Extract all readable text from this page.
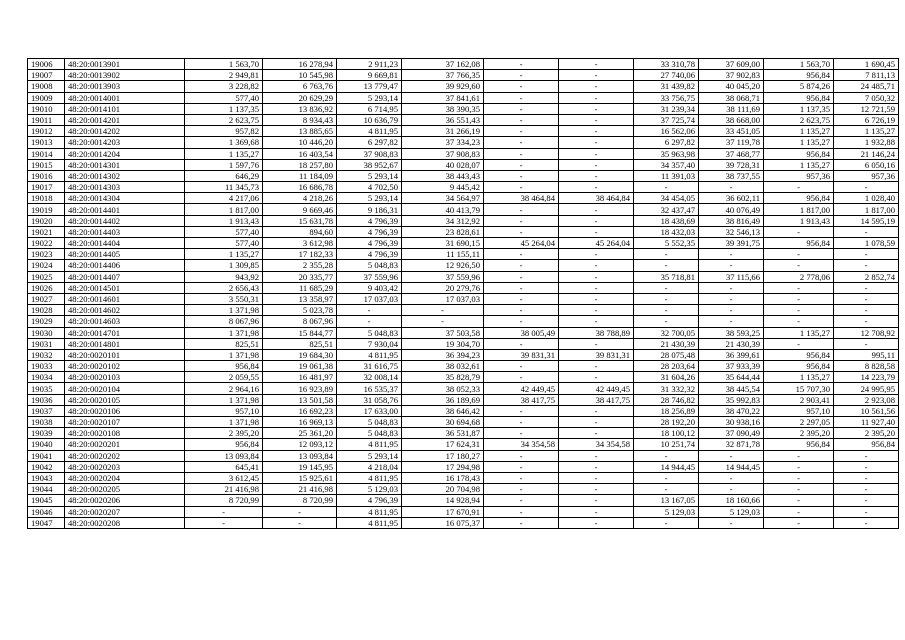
19006	48:20:0013901	1 563,70	16 278,94	2 911,23	37 162,08	-	-	33 310,78	37 609,00	1 563,70	1 690,45
19007	48:20:0013902	2 949,81	10 545,98	9 669,81	37 766,35	-	-	27 740,06	37 902,83	956,84	7 811,13
19008	48:20:0013903	3 228,82	6 763,76	13 779,47	39 929,60	-	-	31 439,82	40 045,20	5 874,26	24 485,71
19009	48:20:0014001	577,40	20 629,29	5 293,14	37 841,61	-	-	33 756,75	38 068,71	956,84	7 050,32
19010	48:20:0014101	1 137,35	13 836,92	6 714,95	38 390,35	-	-	31 239,34	38 111,69	1 137,35	12 721,59
19011	48:20:0014201	2 623,75	8 934,43	10 636,79	36 551,43	-	-	37 725,74	38 668,00	2 623,75	6 726,19
19012	48:20:0014202	957,82	13 885,65	4 811,95	31 266,19	-	-	16 562,06	33 451,05	1 135,27	1 135,27
19013	48:20:0014203	1 369,68	10 446,20	6 297,82	37 334,23	-	-	6 297,82	37 119,78	1 135,27	1 932,88
19014	48:20:0014204	1 135,27	16 403,54	37 908,83	37 908,83	-	-	35 963,98	37 468,77	956,84	21 146,24
19015	48:20:0014301	1 597,76	18 257,80	38 952,67	40 028,07	-	-	34 357,40	39 728,31	1 135,27	6 050,16
19016	48:20:0014302	646,29	11 184,09	5 293,14	38 443,43	-	-	11 391,03	38 737,55	957,36	957,36
19017	48:20:0014303	11 345,73	16 686,78	4 702,50	9 445,42	-	-	-	-	-	-
19018	48:20:0014304	4 217,06	4 218,26	5 293,14	34 564,97	38 464,84	38 464,84	34 454,05	36 602,11	956,84	1 028,40
19019	48:20:0014401	1 817,00	9 669,46	9 186,31	40 413,79	-	-	32 437,47	40 076,49	1 817,00	1 817,00
19020	48:20:0014402	1 913,43	15 631,78	4 796,39	34 312,92	-	-	18 438,69	38 816,49	1 913,43	14 595,19
19021	48:20:0014403	577,40	894,60	4 796,39	23 828,61	-	-	18 432,03	32 546,13	-	-
19022	48:20:0014404	577,40	3 612,98	4 796,39	31 690,15	45 264,04	45 264,04	5 552,35	39 391,75	956,84	1 078,59
19023	48:20:0014405	1 135,27	17 182,33	4 796,39	11 155,11	-	-	-	-	-	-
19024	48:20:0014406	1 309,85	2 355,28	5 048,83	12 926,50	-	-	-	-	-	-
19025	48:20:0014407	943,92	20 335,77	37 559,96	37 559,96	-	-	35 718,81	37 115,66	2 778,06	2 852,74
19026	48:20:0014501	2 656,43	11 685,29	9 403,42	20 279,76	-	-	-	-	-	-
19027	48:20:0014601	3 550,31	13 358,97	17 037,03	17 037,03	-	-	-	-	-	-
19028	48:20:0014602	1 371,98	5 023,78	-	-	-	-	-	-	-	-
19029	48:20:0014603	8 067,96	8 067,96	-	-	-	-	-	-	-	-
19030	48:20:0014701	1 371,98	15 844,77	5 048,83	37 503,58	38 005,49	38 788,89	32 700,05	38 593,25	1 135,27	12 708,92
19031	48:20:0014801	825,51	825,51	7 930,04	19 304,70	-	-	21 430,39	21 430,39	-	-
19032	48:20:0020101	1 371,98	19 684,30	4 811,95	36 394,23	39 831,31	39 831,31	28 075,48	36 399,61	956,84	995,11
19033	48:20:0020102	956,84	19 061,38	31 616,75	38 032,61	-	-	28 203,64	37 933,39	956,84	8 828,58
19034	48:20:0020103	2 059,55	16 481,97	32 008,14	35 828,79	-	-	31 604,26	35 644,44	1 135,27	14 223,79
19035	48:20:0020104	2 964,16	16 923,89	16 535,37	38 052,33	42 449,45	42 449,45	31 332,32	38 445,54	15 707,30	24 995,95
19036	48:20:0020105	1 371,98	13 501,58	31 058,76	36 189,69	38 417,75	38 417,75	28 746,82	35 992,83	2 903,41	2 923,08
19037	48:20:0020106	957,10	16 692,23	17 633,00	38 646,42	-	-	18 256,89	38 470,22	957,10	10 561,56
19038	48:20:0020107	1 371,98	16 969,13	5 048,83	30 694,68	-	-	28 192,20	30 938,16	2 297,05	11 927,40
19039	48:20:0020108	2 395,20	25 361,20	5 048,83	36 531,87	-	-	18 100,12	37 090,49	2 395,20	2 395,20
19040	48:20:0020201	956,84	12 093,12	4 811,95	17 624,31	34 354,58	34 354,58	10 251,74	32 871,78	956,84	956,84
19041	48:20:0020202	13 093,84	13 093,84	5 293,14	17 180,27	-	-	-	-	-	-
19042	48:20:0020203	645,41	19 145,95	4 218,04	17 294,98	-	-	14 944,45	14 944,45	-	-
19043	48:20:0020204	3 612,45	15 925,61	4 811,95	16 178,43	-	-	-	-	-	-
19044	48:20:0020205	21 416,98	21 416,98	5 129,03	20 704,98	-	-	-	-	-	-
19045	48:20:0020206	8 720,99	8 720,99	4 796,39	14 928,94	-	-	13 167,05	18 160,66	-	-
19046	48:20:0020207	-	-	4 811,95	17 670,91	-	-	5 129,03	5 129,03	-	-
19047	48:20:0020208	-	-	4 811,95	16 075,37	-	-	-	-	-	-
